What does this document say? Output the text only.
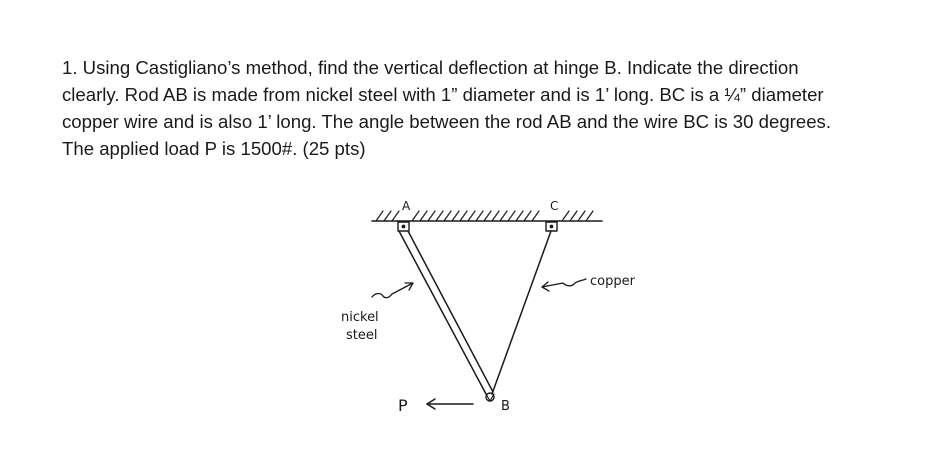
1. Using Castigliano’s method, find the vertical deflection at hinge B. Indicate the direction
clearly. Rod AB is made from nickel steel with 1” diameter and is 1’ long. BC is a ¼” diameter
copper wire and is also 1’ long. The angle between the rod AB and the wire BC is 30 degrees.
The applied load P is 1500#. (25 pts)
A	C
B
P
copper
nickel
steel
